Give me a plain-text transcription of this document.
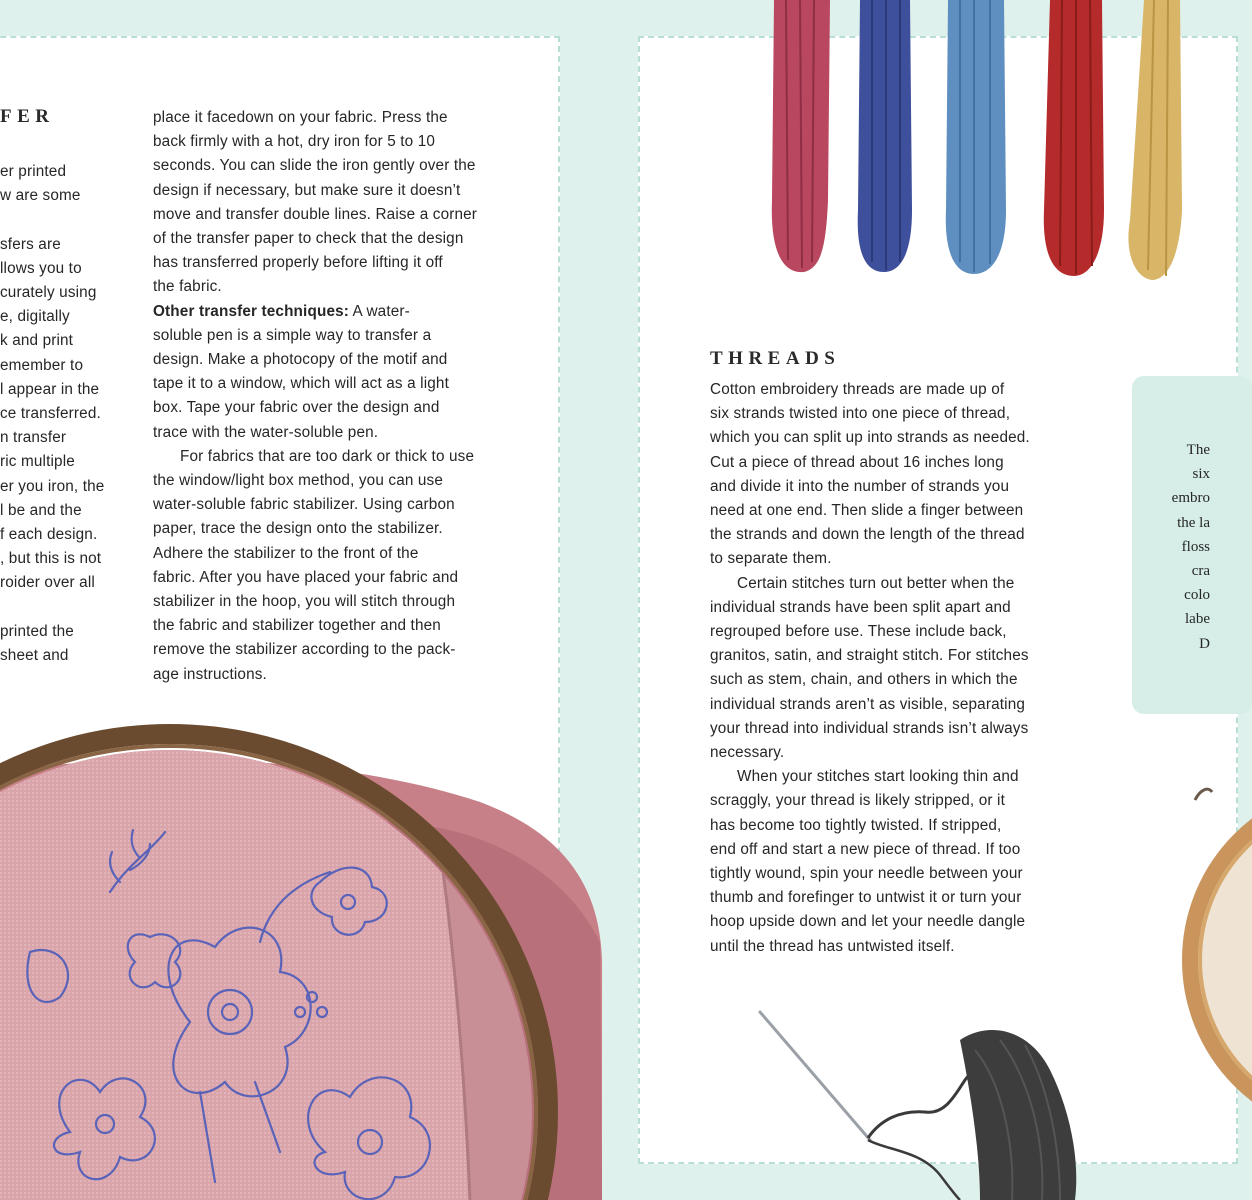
FER
er printed
w are some

sfers are
llows you to
curately using
e, digitally
k and print
emember to
l appear in the
ce transferred.
n transfer
ric multiple
er you iron, the
l be and the
f each design.
, but this is not
roider over all

printed the
sheet and
place it facedown on your fabric. Press the
back firmly with a hot, dry iron for 5 to 10
seconds. You can slide the iron gently over the
design if necessary, but make sure it doesn’t
move and transfer double lines. Raise a corner
of the transfer paper to check that the design
has transferred properly before lifting it off
the fabric.
Other transfer techniques: A water-
soluble pen is a simple way to transfer a
design. Make a photocopy of the motif and
tape it to a window, which will act as a light
box. Tape your fabric over the design and
trace with the water-soluble pen.
For fabrics that are too dark or thick to use
the window/light box method, you can use
water-soluble fabric stabilizer. Using carbon
paper, trace the design onto the stabilizer.
Adhere the stabilizer to the front of the
fabric. After you have placed your fabric and
stabilizer in the hoop, you will stitch through
the fabric and stabilizer together and then
remove the stabilizer according to the pack-
age instructions.
THREADS
Cotton embroidery threads are made up of
six strands twisted into one piece of thread,
which you can split up into strands as needed.
Cut a piece of thread about 16 inches long
and divide it into the number of strands you
need at one end. Then slide a finger between
the strands and down the length of the thread
to separate them.
Certain stitches turn out better when the
individual strands have been split apart and
regrouped before use. These include back,
granitos, satin, and straight stitch. For stitches
such as stem, chain, and others in which the
individual strands aren’t as visible, separating
your thread into individual strands isn’t always
necessary.
When your stitches start looking thin and
scraggly, your thread is likely stripped, or it
has become too tightly twisted. If stripped,
end off and start a new piece of thread. If too
tightly wound, spin your needle between your
thumb and forefinger to untwist it or turn your
hoop upside down and let your needle dangle
until the thread has untwisted itself.
The
six
embro
the la
floss
cra
colo
labe
D
